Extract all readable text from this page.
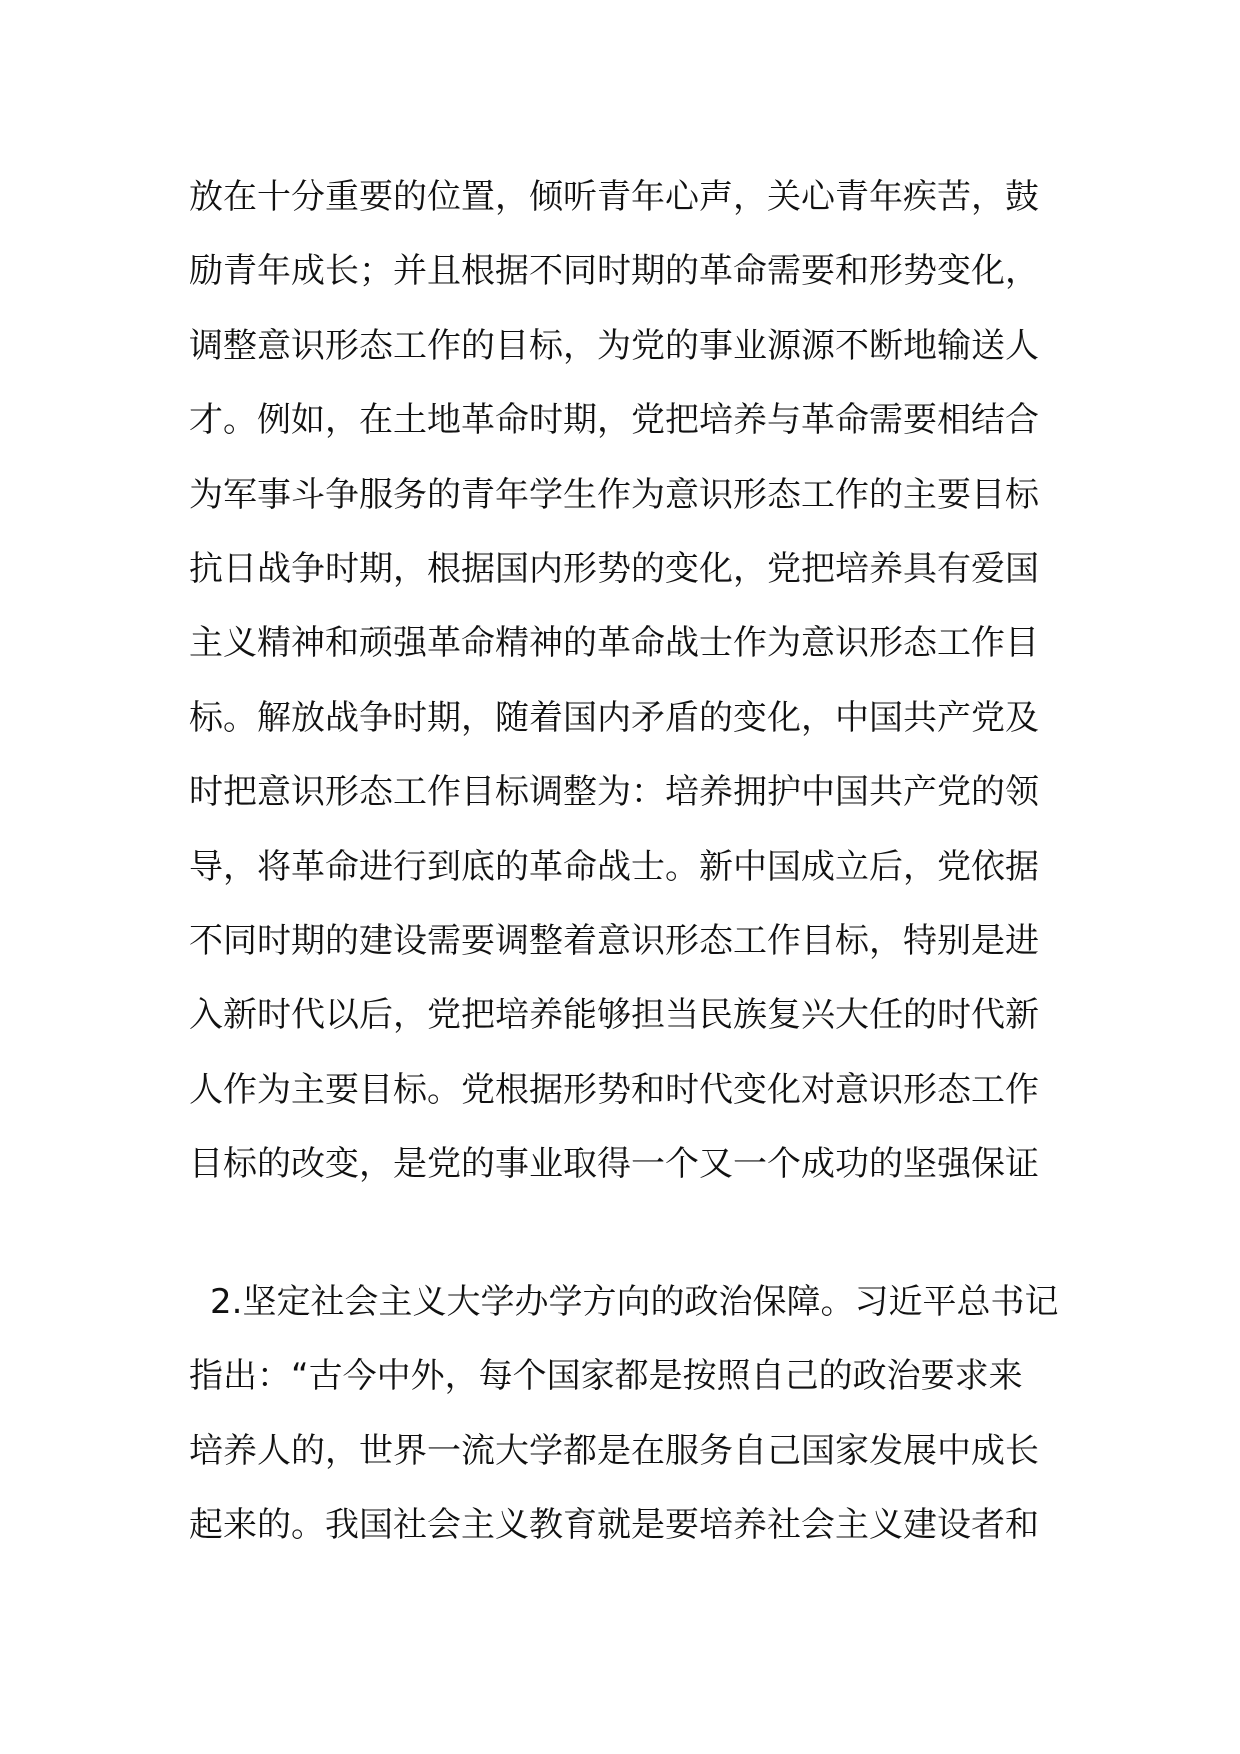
放在十分重要的位置，倾听青年心声，关心青年疾苦，鼓
励青年成长；并且根据不同时期的革命需要和形势变化，
调整意识形态工作的目标，为党的事业源源不断地输送人
才。例如，在土地革命时期，党把培养与革命需要相结合
为军事斗争服务的青年学生作为意识形态工作的主要目标
抗日战争时期，根据国内形势的变化，党把培养具有爱国
主义精神和顽强革命精神的革命战士作为意识形态工作目
标。解放战争时期，随着国内矛盾的变化，中国共产党及
时把意识形态工作目标调整为：培养拥护中国共产党的领
导，将革命进行到底的革命战士。新中国成立后，党依据
不同时期的建设需要调整着意识形态工作目标，特别是进
入新时代以后，党把培养能够担当民族复兴大任的时代新
人作为主要目标。党根据形势和时代变化对意识形态工作
目标的改变，是党的事业取得一个又一个成功的坚强保证
2.坚定社会主义大学办学方向的政治保障。习近平总书记
指出：“古今中外，每个国家都是按照自己的政治要求来
培养人的，世界一流大学都是在服务自己国家发展中成长
起来的。我国社会主义教育就是要培养社会主义建设者和
